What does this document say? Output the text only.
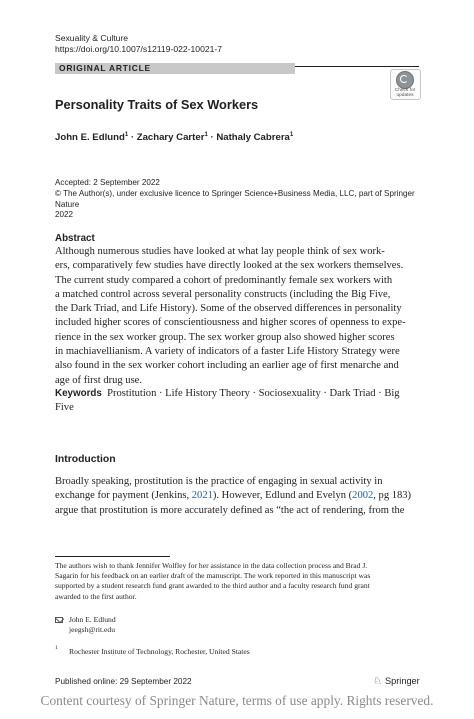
Sexuality & Culture
https://doi.org/10.1007/s12119-022-10021-7
ORIGINAL ARTICLE
Check for
updates
Personality Traits of Sex Workers
John E. Edlund$^1$ · Zachary Carter$^1$ · Nathaly Cabrera$^1$
Accepted: 2 September 2022
© The Author(s), under exclusive licence to Springer Science+Business Media, LLC, part of Springer Nature
2022
Abstract
Although numerous studies have looked at what lay people think of sex work-
ers, comparatively few studies have directly looked at the sex workers themselves.
The current study compared a cohort of predominantly female sex workers with
a matched control across several personality constructs (including the Big Five,
the Dark Triad, and Life History). Some of the observed differences in personality
included higher scores of conscientiousness and higher scores of openness to expe-
rience in the sex worker group. The sex worker group also showed higher scores
in machiavellianism. A variety of indicators of a faster Life History Strategy were
also found in the sex worker cohort including an earlier age of first menarche and
age of first drug use.
Keywords Prostitution · Life History Theory · Sociosexuality · Dark Triad · Big
Five
Introduction
Broadly speaking, prostitution is the practice of engaging in sexual activity in
exchange for payment (Jenkins, 2021). However, Edlund and Evelyn (2002, pg 183)
argue that prostitution is more accurately defined as “the act of rendering, from the
The authors wish to thank Jennifer Wolfley for her assistance in the data collection process and Brad J.
Sagarin for his feedback on an earlier draft of the manuscript. The work reported in this manuscript was
supported by a student research fund grant awarded to the third author and a faculty research fund grant
awarded to the first author.
John E. Edlund
jeegsh@rit.edu
1 Rochester Institute of Technology, Rochester, United States
Published online: 29 September 2022	♘ Springer
Content courtesy of Springer Nature, terms of use apply. Rights reserved.
